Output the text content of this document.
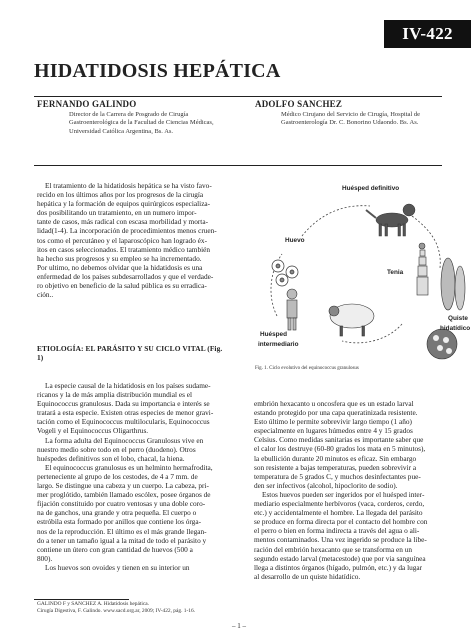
IV-422
HIDATIDOSIS HEPÁTICA
FERNANDO GALINDO
Director de la Carrera de Posgrado de Cirugía
Gastroenterológica de la Facultad de Ciencias Médicas,
Universidad Católica Argentina, Bs. As.
ADOLFO SANCHEZ
Médico Cirujano del Servicio de Cirugía, Hospital de
Gastroenterología Dr. C. Bonorino Udaondo. Bs. As.
El tratamiento de la hidatidosis hepática se ha visto favo-
recido en los últimos años por los progresos de la cirugía
hepática y la formación de equipos quirúrgicos especializa-
dos posibilitando un tratamiento, en un numero impor-
tante de casos, más radical con escasa morbilidad y morta-
lidad(1-4). La incorporación de procedimientos menos cruen-
tos como el percutáneo y el laparoscópico han logrado éx-
itos en casos seleccionados. El tratamiento médico también
ha hecho sus progresos y su empleo se ha incrementado.
Por ultimo, no debemos olvidar que la hidatidosis es una
enfermedad de los países subdesarrollados y que el verdade-
ro objetivo en beneficio de la salud pública es su erradica-
ción..
ETIOLOGÍA: EL PARÁSITO Y SU CICLO VITAL (Fig.
1)
La especie causal de la hidatidosis en los países sudame-
ricanos y la de más amplia distribución mundial es el
Equinococcus granulosus. Dada su importancia e interés se
tratará a esta especie. Existen otras especies de menor gravi-
tación como el Equinococcus multilocularis, Equinococcus
Vogeli y el Equinococcus Oligarthrus.
La forma adulta del Equinococcus Granulosus vive en
nuestro medio sobre todo en el perro (duodeno). Otros
huéspedes definitivos son el lobo, chacal, la hiena.
El equinococcus granulosus es un helminto hermafrodita,
perteneciente al grupo de los cestodes, de 4 a 7 mm. de
largo. Se distingue una cabeza y un cuerpo. La cabeza, pri-
mer proglótido, también llamado escólex, posee órganos de
fijación constituido por cuatro ventosas y una doble coro-
na de ganchos, una grande y otra pequeña. El cuerpo o
estróbila esta formado por anillos que contiene los órga-
nos de la reproducción. El último es el más grande llegan-
do a tener un tamaño igual a la mitad de todo el parásito y
contiene un útero con gran cantidad de huevos (500 a
800).
Los huevos son ovoides y tienen en su interior un
Huésped definitivo
Huevo
Tenia
Huésped
intermediario
Quiste
hidatídico
Fig. 1. Ciclo evolutivo del equinococcus granulosus
embrión hexacanto u oncosfera que es un estado larval
estando protegido por una capa queratinizada resistente.
Esto último le permite sobrevivir largo tiempo (1 año)
especialmente en lugares húmedos entre 4 y 15 grados
Celsius. Como medidas sanitarias es importante saber que
el calor los destruye (60-80 grados los mata en 5 minutos),
la ebullición durante 20 minutos es eficaz. Sin embargo
son resistente a bajas temperaturas, pueden sobrevivir a
temperatura de 5 grados C, y muchos desinfectantes pue-
den ser infectivos (alcohol, hipoclorito de sodio).
Estos huevos pueden ser ingeridos por el huésped inter-
mediario especialmente herbívoros (vaca, corderos, cerdo,
etc.) y accidentalmente el hombre. La llegada del parásito
se produce en forma directa por el contacto del hombre con
el perro o bien en forma indirecta a través del agua o ali-
mentos contaminados. Una vez ingerido se produce la libe-
ración del embrión hexacanto que se transforma en un
segundo estado larval (metacestode) que por via sanguínea
llega a distintos órganos (hígado, pulmón, etc.) y da lugar
al desarrollo de un quiste hidatídico.
GALINDO F y SANCHEZ A. Hidatidosis hepática.
Cirugía Digestiva, F. Galindo. www.sacd.org.ar, 2009; IV-422, pág. 1-16.
– 1 –
